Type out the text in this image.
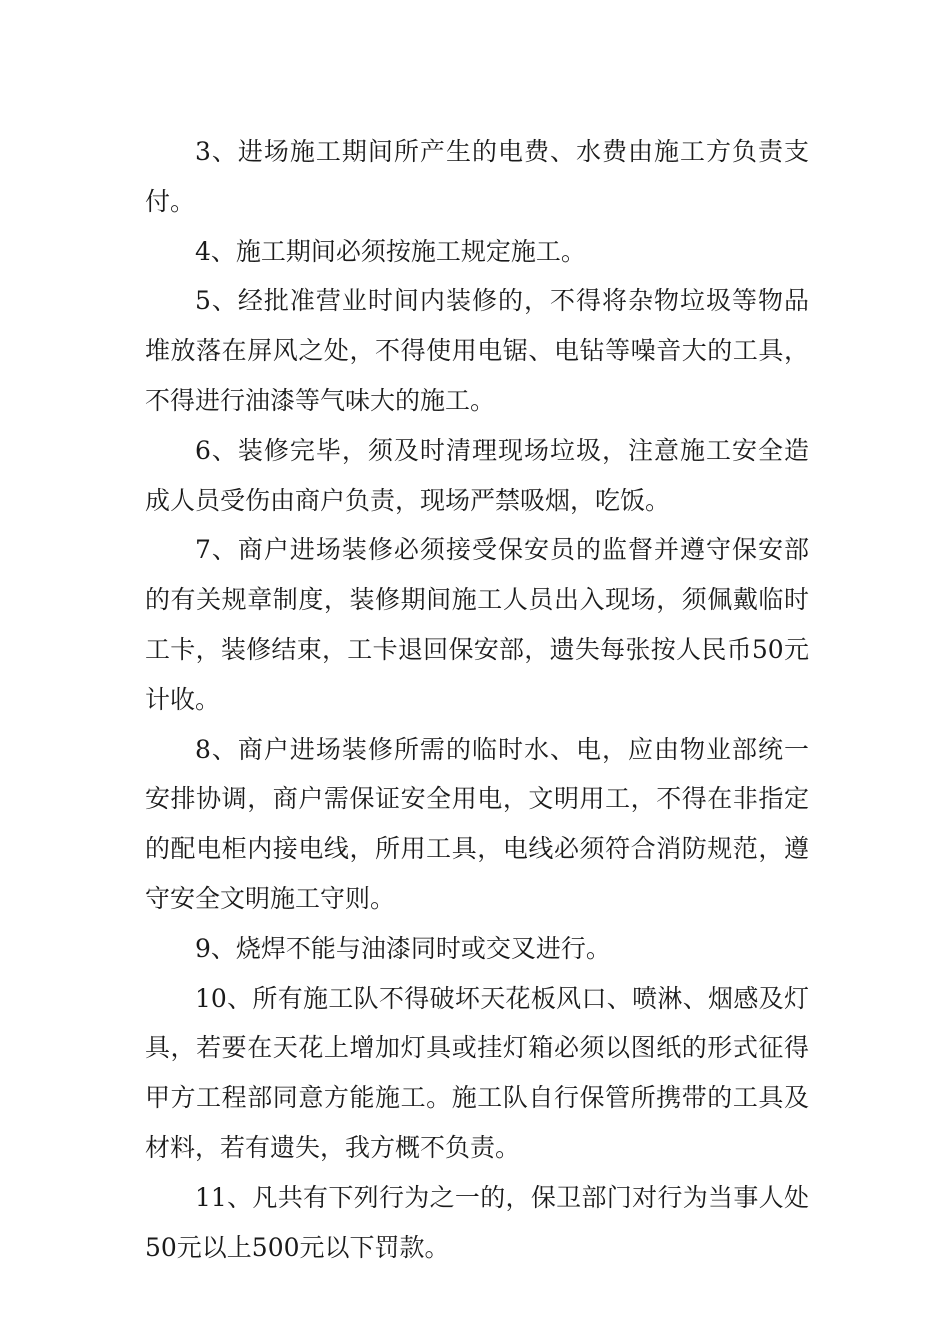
3、进场施工期间所产生的电费、水费由施工方负责支付。

4、施工期间必须按施工规定施工。

5、经批准营业时间内装修的，不得将杂物垃圾等物品堆放落在屏风之处，不得使用电锯、电钻等噪音大的工具，不得进行油漆等气味大的施工。

6、装修完毕，须及时清理现场垃圾，注意施工安全造成人员受伤由商户负责，现场严禁吸烟，吃饭。

7、商户进场装修必须接受保安员的监督并遵守保安部的有关规章制度，装修期间施工人员出入现场，须佩戴临时工卡，装修结束，工卡退回保安部，遗失每张按人民币50元计收。

8、商户进场装修所需的临时水、电，应由物业部统一安排协调，商户需保证安全用电，文明用工，不得在非指定的配电柜内接电线，所用工具，电线必须符合消防规范，遵守安全文明施工守则。

9、烧焊不能与油漆同时或交叉进行。

10、所有施工队不得破坏天花板风口、喷淋、烟感及灯具，若要在天花上增加灯具或挂灯箱必须以图纸的形式征得甲方工程部同意方能施工。施工队自行保管所携带的工具及材料，若有遗失，我方概不负责。

11、凡共有下列行为之一的，保卫部门对行为当事人处50元以上500元以下罚款。
